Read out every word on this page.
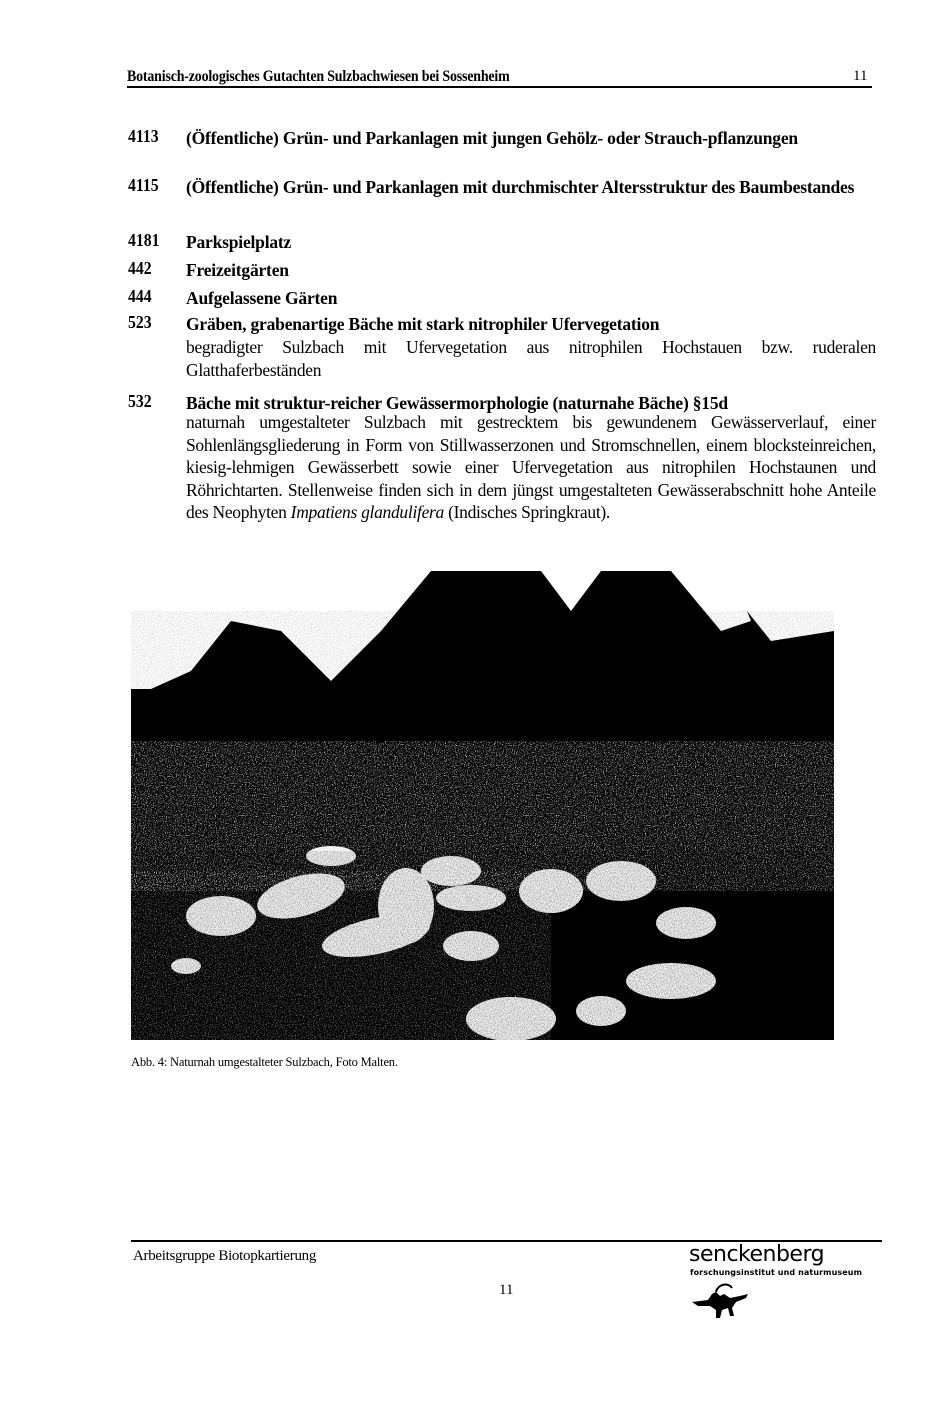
Botanisch-zoologisches Gutachten Sulzbachwiesen bei Sossenheim	11
4113 (Öffentliche) Grün- und Parkanlagen mit jungen Gehölz- oder Strauch-pflanzungen
4115 (Öffentliche) Grün- und Parkanlagen mit durchmischter Altersstruktur des Baumbestandes
4181 Parkspielplatz
442 Freizeitgärten
444 Aufgelassene Gärten
523 Gräben, grabenartige Bäche mit stark nitrophiler Ufervegetation
begradigter Sulzbach mit Ufervegetation aus nitrophilen Hochstauen bzw. ruderalen Glatthaferbeständen
532 Bäche mit struktur-reicher Gewässermorphologie (naturnahe Bäche) §15d
naturnah umgestalteter Sulzbach mit gestrecktem bis gewundenem Gewässerverlauf, einer Sohlenlängsgliederung in Form von Stillwasserzonen und Stromschnellen, einem blocksteinreichen, kiesig-lehmigen Gewässerbett sowie einer Ufervegetation aus nitrophilen Hochstaunen und Röhrichtarten. Stellenweise finden sich in dem jüngst umgestalteten Gewässerabschnitt hohe Anteile des Neophyten Impatiens glandulifera (Indisches Springkraut).
Abb. 4: Naturnah umgestalteter Sulzbach, Foto Malten.
Arbeitsgruppe Biotopkartierung
11
senckenberg
forschungsinstitut und naturmuseum
